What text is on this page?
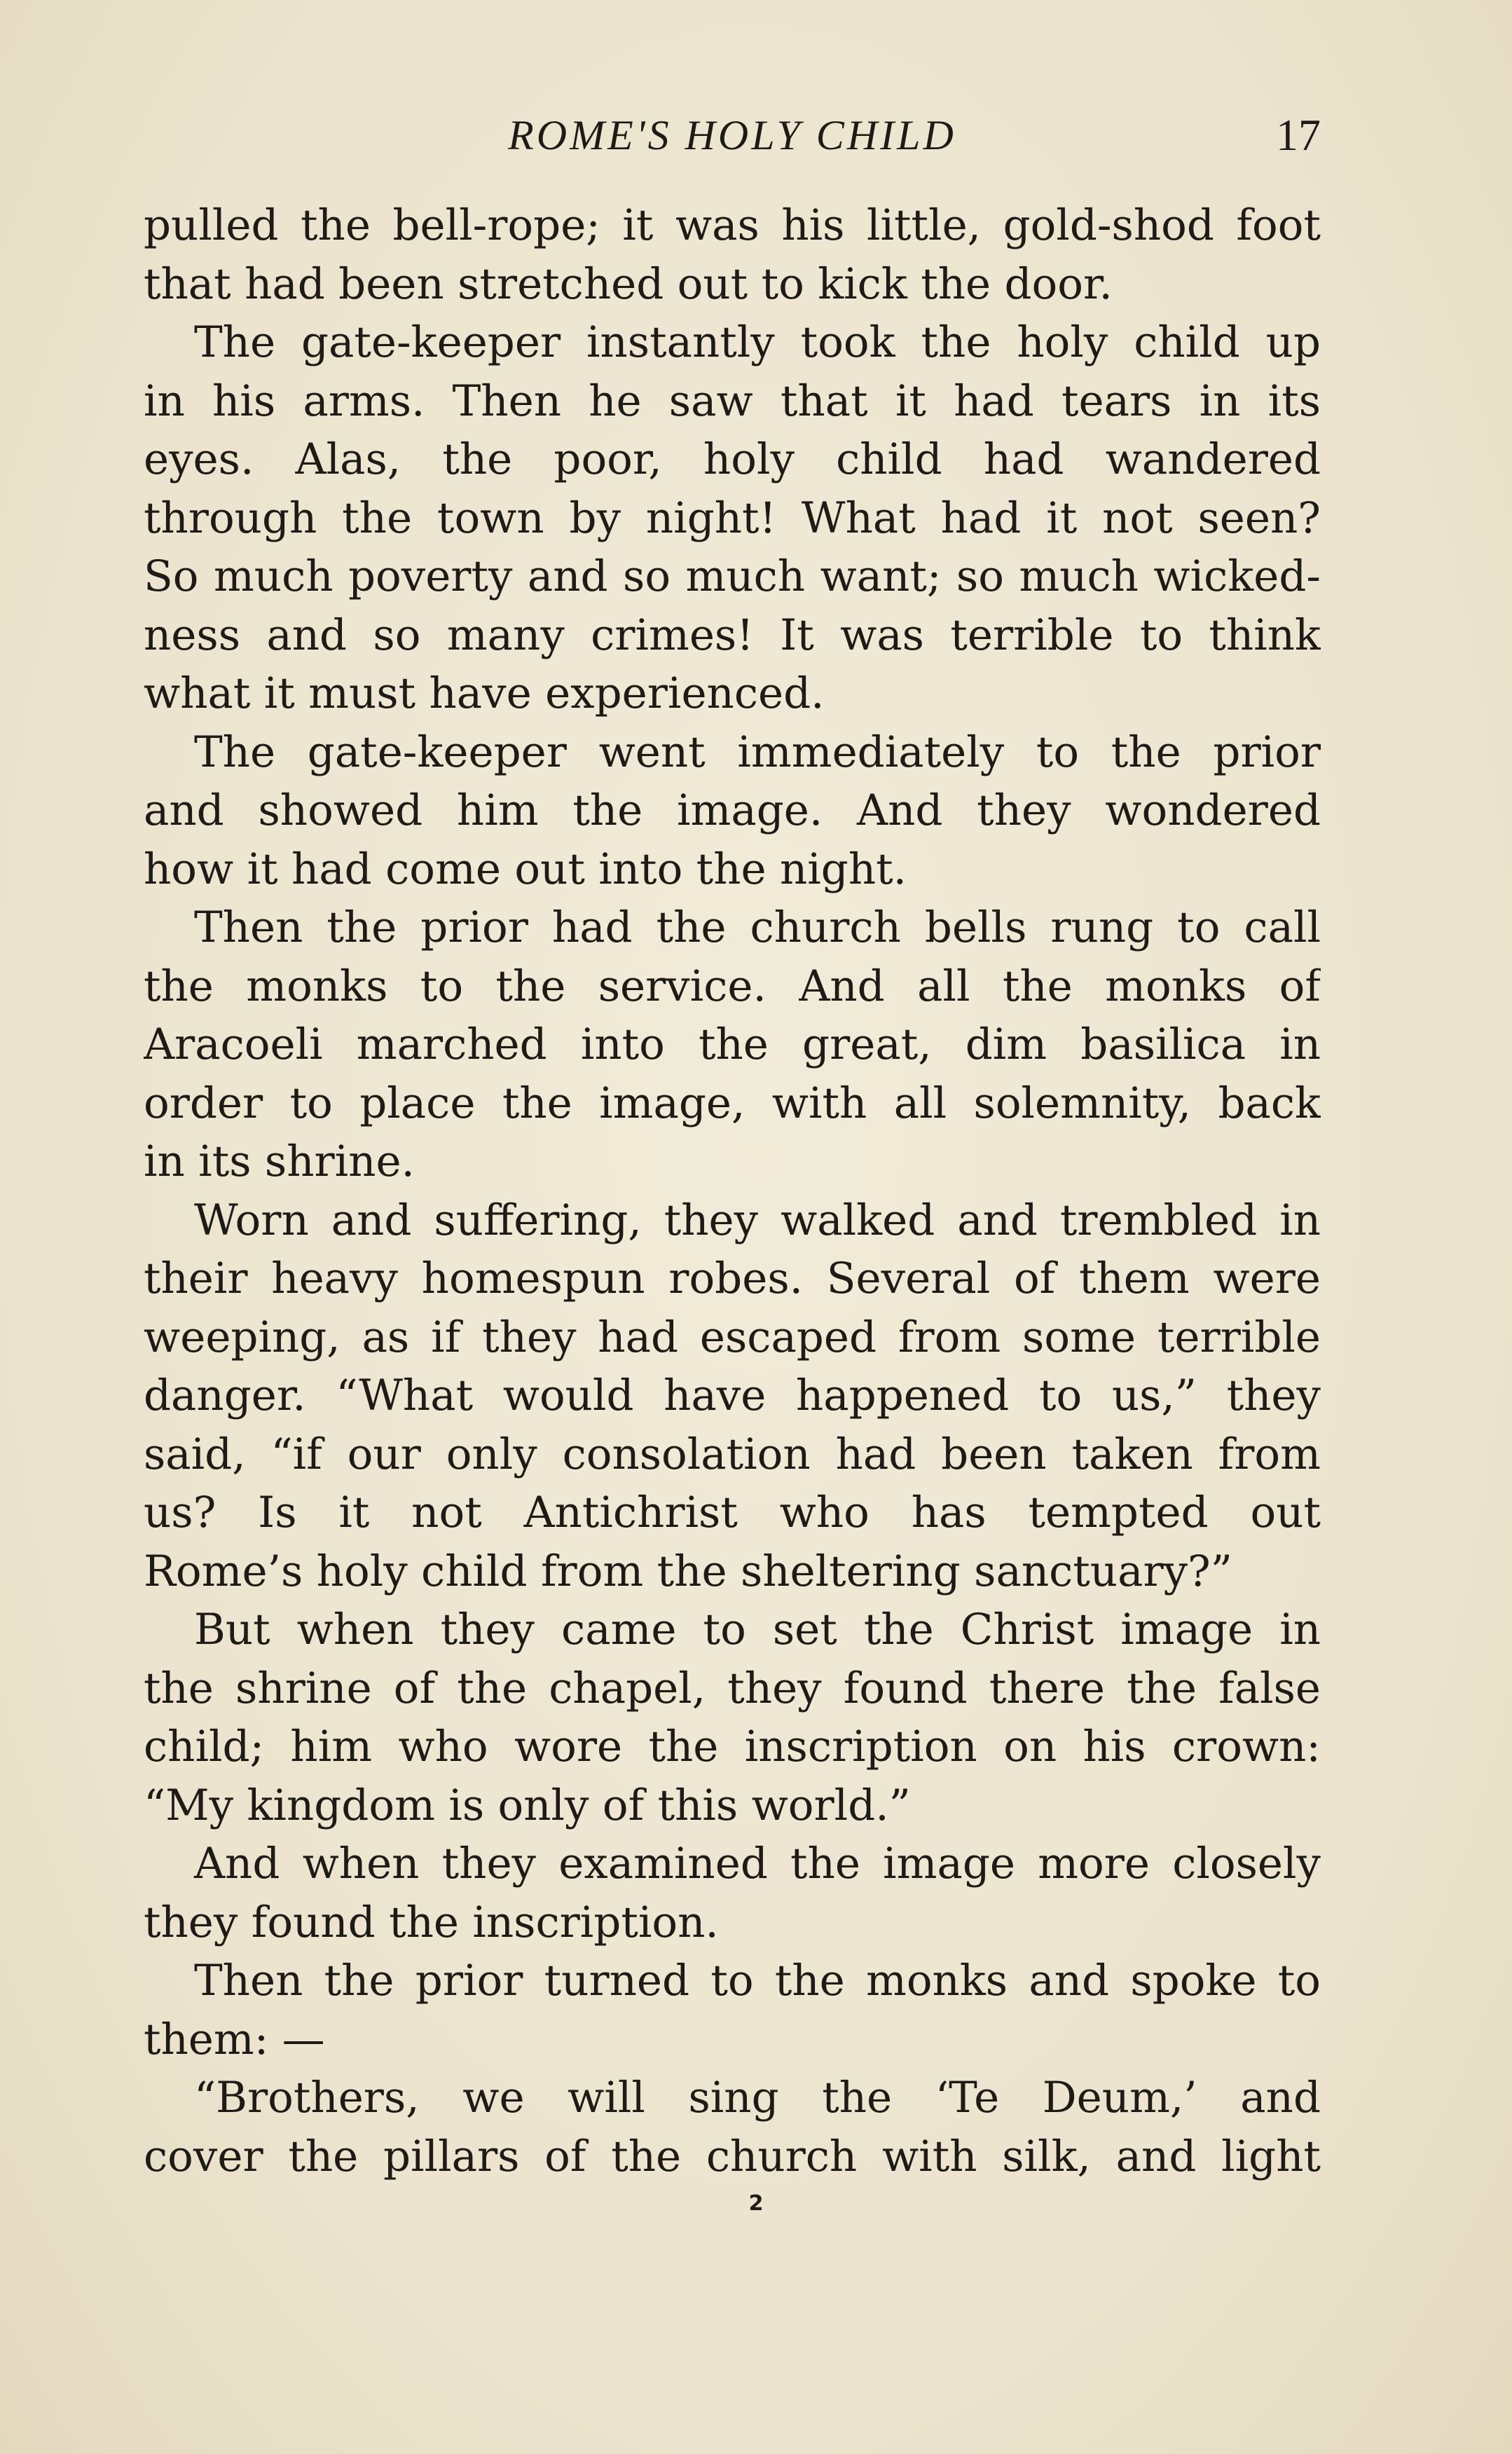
ROME'S HOLY CHILD	17
pulled the bell-rope; it was his little, gold-shod foot
that had been stretched out to kick the door.
The gate-keeper instantly took the holy child up
in his arms. Then he saw that it had tears in its
eyes. Alas, the poor, holy child had wandered
through the town by night! What had it not seen?
So much poverty and so much want; so much wicked-
ness and so many crimes! It was terrible to think
what it must have experienced.
The gate-keeper went immediately to the prior
and showed him the image. And they wondered
how it had come out into the night.
Then the prior had the church bells rung to call
the monks to the service. And all the monks of
Aracoeli marched into the great, dim basilica in
order to place the image, with all solemnity, back
in its shrine.
Worn and suffering, they walked and trembled in
their heavy homespun robes. Several of them were
weeping, as if they had escaped from some terrible
danger. “What would have happened to us,” they
said, “if our only consolation had been taken from
us? Is it not Antichrist who has tempted out
Rome’s holy child from the sheltering sanctuary?”
But when they came to set the Christ image in
the shrine of the chapel, they found there the false
child; him who wore the inscription on his crown:
“My kingdom is only of this world.”
And when they examined the image more closely
they found the inscription.
Then the prior turned to the monks and spoke to
them: —
“Brothers, we will sing the ‘Te Deum,’ and
cover the pillars of the church with silk, and light
2
